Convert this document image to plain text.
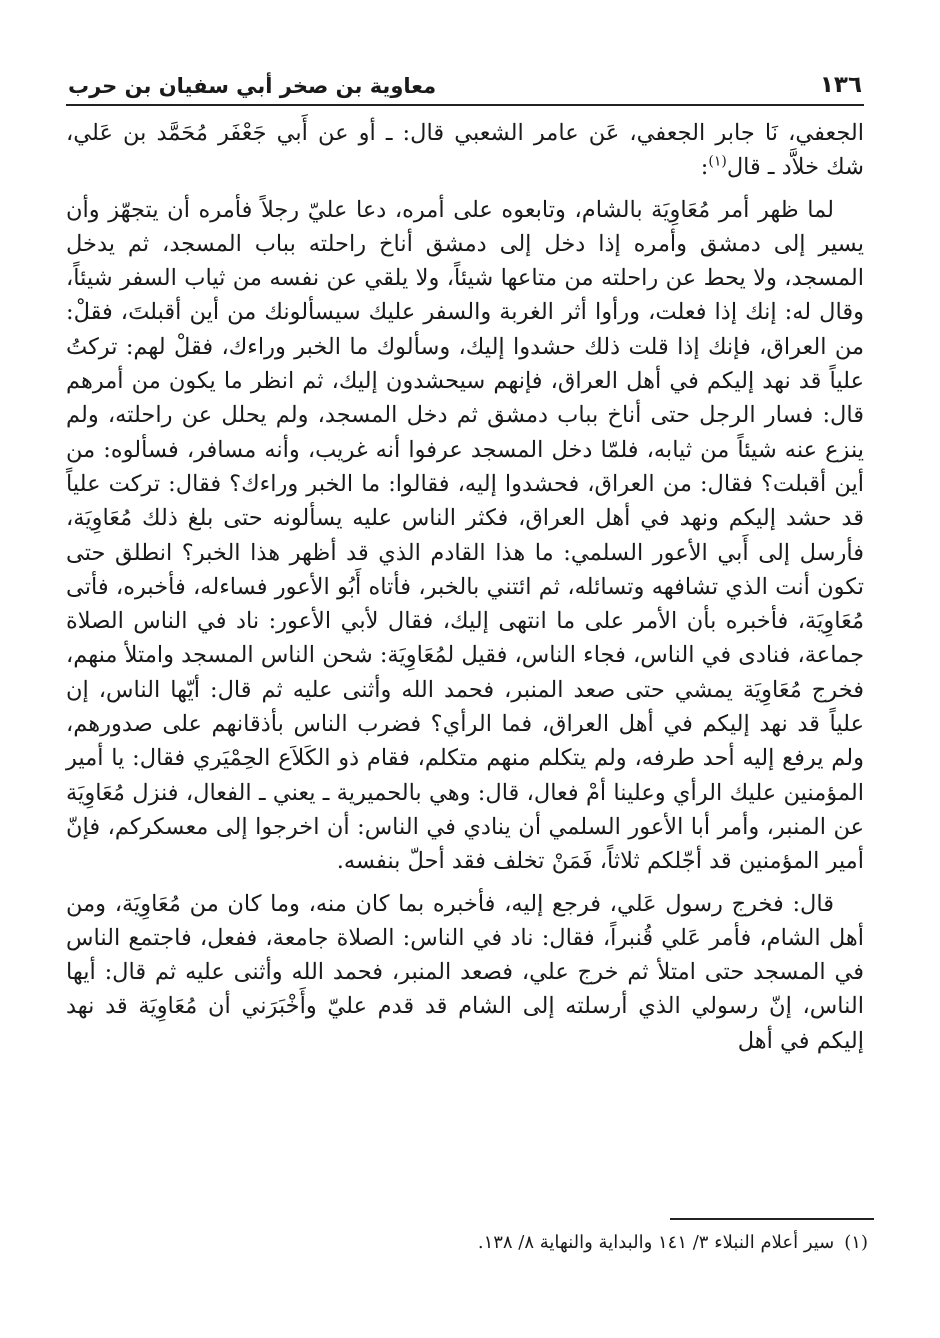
١٣٦
معاوية بن صخر أبي سفيان بن حرب

الجعفي، نَا جابر الجعفي، عَن عامر الشعبي قال: ـ أو عن أَبي جَعْفَر مُحَمَّد بن عَلي، شك خلاَّد ـ قال$^{(١)}$:

لما ظهر أمر مُعَاوِيَة بالشام، وتابعوه على أمره، دعا عليّ رجلاً فأمره أن يتجهّز وأن يسير إلى دمشق وأمره إذا دخل إلى دمشق أناخ راحلته بباب المسجد، ثم يدخل المسجد، ولا يحط عن راحلته من متاعها شيئاً، ولا يلقي عن نفسه من ثياب السفر شيئاً، وقال له: إنك إذا فعلت، ورأوا أثر الغربة والسفر عليك سيسألونك من أين أقبلتَ، فقلْ: من العراق، فإنك إذا قلت ذلك حشدوا إليك، وسألوك ما الخبر وراءك، فقلْ لهم: تركتُ علياً قد نهد إليكم في أهل العراق، فإنهم سيحشدون إليك، ثم انظر ما يكون من أمرهم قال: فسار الرجل حتى أناخ بباب دمشق ثم دخل المسجد، ولم يحلل عن راحلته، ولم ينزع عنه شيئاً من ثيابه، فلمّا دخل المسجد عرفوا أنه غريب، وأنه مسافر، فسألوه: من أين أقبلت؟ فقال: من العراق، فحشدوا إليه، فقالوا: ما الخبر وراءك؟ فقال: تركت علياً قد حشد إليكم ونهد في أهل العراق، فكثر الناس عليه يسألونه حتى بلغ ذلك مُعَاوِيَة، فأرسل إلى أَبي الأعور السلمي: ما هذا القادم الذي قد أظهر هذا الخبر؟ انطلق حتى تكون أنت الذي تشافهه وتسائله، ثم ائتني بالخبر، فأتاه أَبُو الأعور فساءله، فأخبره، فأتى مُعَاوِيَة، فأخبره بأن الأمر على ما انتهى إليك، فقال لأبي الأعور: ناد في الناس الصلاة جماعة، فنادى في الناس، فجاء الناس، فقيل لمُعَاوِيَة: شحن الناس المسجد وامتلأ منهم، فخرج مُعَاوِيَة يمشي حتى صعد المنبر، فحمد الله وأثنى عليه ثم قال: أيّها الناس، إن علياً قد نهد إليكم في أهل العراق، فما الرأي؟ فضرب الناس بأذقانهم على صدورهم، ولم يرفع إليه أحد طرفه، ولم يتكلم منهم متكلم، فقام ذو الكَلاَع الحِمْيَري فقال: يا أمير المؤمنين عليك الرأي وعلينا أمْ فعال، قال: وهي بالحميرية ـ يعني ـ الفعال، فنزل مُعَاوِيَة عن المنبر، وأمر أبا الأعور السلمي أن ينادي في الناس: أن اخرجوا إلى معسكركم، فإنّ أمير المؤمنين قد أجّلكم ثلاثاً، فَمَنْ تخلف فقد أحلّ بنفسه.

قال: فخرج رسول عَلي، فرجع إليه، فأخبره بما كان منه، وما كان من مُعَاوِيَة، ومن أهل الشام، فأمر عَلي قُنبراً، فقال: ناد في الناس: الصلاة جامعة، ففعل، فاجتمع الناس في المسجد حتى امتلأ ثم خرج علي، فصعد المنبر، فحمد الله وأثنى عليه ثم قال: أيها الناس، إنّ رسولي الذي أرسلته إلى الشام قد قدم عليّ وأَخْبَرَني أن مُعَاوِيَة قد نهد إليكم في أهل

(١)سير أعلام النبلاء ٣/ ١٤١ والبداية والنهاية ٨/ ١٣٨.
